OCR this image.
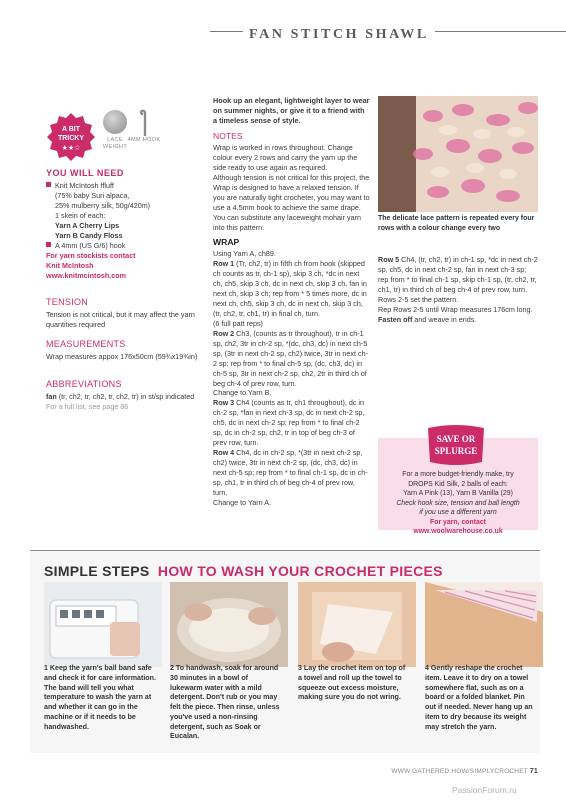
FAN STITCH SHAWL
A BIT
TRICKY
★★☆
LACE WEIGHT
4MM HOOK
YOU WILL NEED
Knit McIntosh ffluff
(75% baby Suri alpaca,
25% mulberry silk, 50g/420m)
1 skein of each:
Yarn A Cherry Lips
Yarn B Candy Floss
A 4mm (US G/6) hook
For yarn stockists contact
Knit McIntosh
www.knitmcintosh.com
TENSION
Tension is not critical, but it may affect the yarn quantities required
MEASUREMENTS
Wrap measures appox 176x50cm (59¾x19¾in)
ABBREVIATIONS
fan (tr, ch2, tr, ch2, tr, ch2, tr) in st/sp indicated
For a full list, see page 86
Hook up an elegant, lightweight layer to wear on summer nights, or give it to a friend with a timeless sense of style.
NOTES
Wrap is worked in rows throughout. Change colour every 2 rows and carry the yarn up the side ready to use again as required.
Although tension is not critical for this project, the Wrap is designed to have a relaxed tension. If you are naturally tight crocheter, you may want to use a 4.5mm hook to achieve the same drape. You can substitute any laceweight mohair yarn into this pattern.
WRAP
Using Yarn A, ch89.
Row 1 (Tr, ch2, tr) in fifth ch from hook (skipped ch counts as tr, ch-1 sp), skip 3 ch, *dc in next ch, ch5, skip 3 ch, dc in next ch, skip 3 ch, fan in next ch, skip 3 ch; rep from * 5 times more, dc in next ch, ch5, skip 3 ch, dc in next ch, skip 3 ch, (tr, ch2, tr, ch1, tr) in final ch, turn.
(6 full patt reps)
Row 2 Ch3, (counts as tr throughout), tr in ch-1 sp, ch2, 3tr in ch-2 sp, *(dc, ch3, dc) in next ch-5 sp, (3tr in next ch-2 sp, ch2) twice, 3tr in next ch-2 sp; rep from * to final ch-5 sp, (dc, ch3, dc) in ch-5 sp, 3tr in next ch-2 sp, ch2, 2tr in third ch of beg ch-4 of prev row, turn.
Change to Yarn B.
Row 3 Ch4 (counts as tr, ch1 throughout), dc in ch-2 sp, *fan in next ch-3 sp, dc in next ch-2 sp, ch5, dc in next ch-2 sp; rep from * to final ch-2 sp, dc in ch-2 sp, ch2, tr in top of beg ch-3 of prev row, turn.
Row 4 Ch4, dc in ch-2 sp, *(3tr in next ch-2 sp, ch2) twice, 3tr in next ch-2 sp, (dc, ch3, dc) in next ch-5 sp; rep from * to final ch-1 sp, dc in ch-sp, ch1, tr in third ch of beg ch-4 of prev row, turn.
Change to Yarn A.
The delicate lace pattern is repeated every four rows with a colour change every two
Row 5 Ch4, (tr, ch2, tr) in ch-1 sp, *dc in next ch-2 sp, ch5, dc in next ch-2 sp, fan in next ch-3 sp; rep from * to final ch-1 sp, skip ch-1 sp, (tr, ch2, tr, ch1, tr) in third ch of beg ch-4 of prev row, turn.
Rows 2-5 set the pattern.
Rep Rows 2-5 until Wrap measures 176cm long.
Fasten off and weave in ends.
SAVE OR
SPLURGE
For a more budget-friendly make, try
DROPS Kid Silk, 2 balls of each:
Yarn A Pink (13), Yarn B Vanilla (29)
Check hook size, tension and ball length
if you use a different yarn
For yarn, contact
www.woolwarehouse.co.uk
SIMPLE STEPS HOW TO WASH YOUR CROCHET PIECES
1 Keep the yarn's ball band safe and check it for care information. The band will tell you what temperature to wash the yarn at and whether it can go in the machine or if it needs to be handwashed.
2 To handwash, soak for around 30 minutes in a bowl of lukewarm water with a mild detergent. Don't rub or you may felt the piece. Then rinse, unless you've used a non-rinsing detergent, such as Soak or Eucalan.
3 Lay the crochet item on top of a towel and roll up the towel to squeeze out excess moisture, making sure you do not wring.
4 Gently reshape the crochet item. Leave it to dry on a towel somewhere flat, such as on a board or a folded blanket. Pin out if needed. Never hang up an item to dry because its weight may stretch the yarn.
WWW.GATHERED.HOW/SIMPLYCROCHET 71
PassionForum.ru
